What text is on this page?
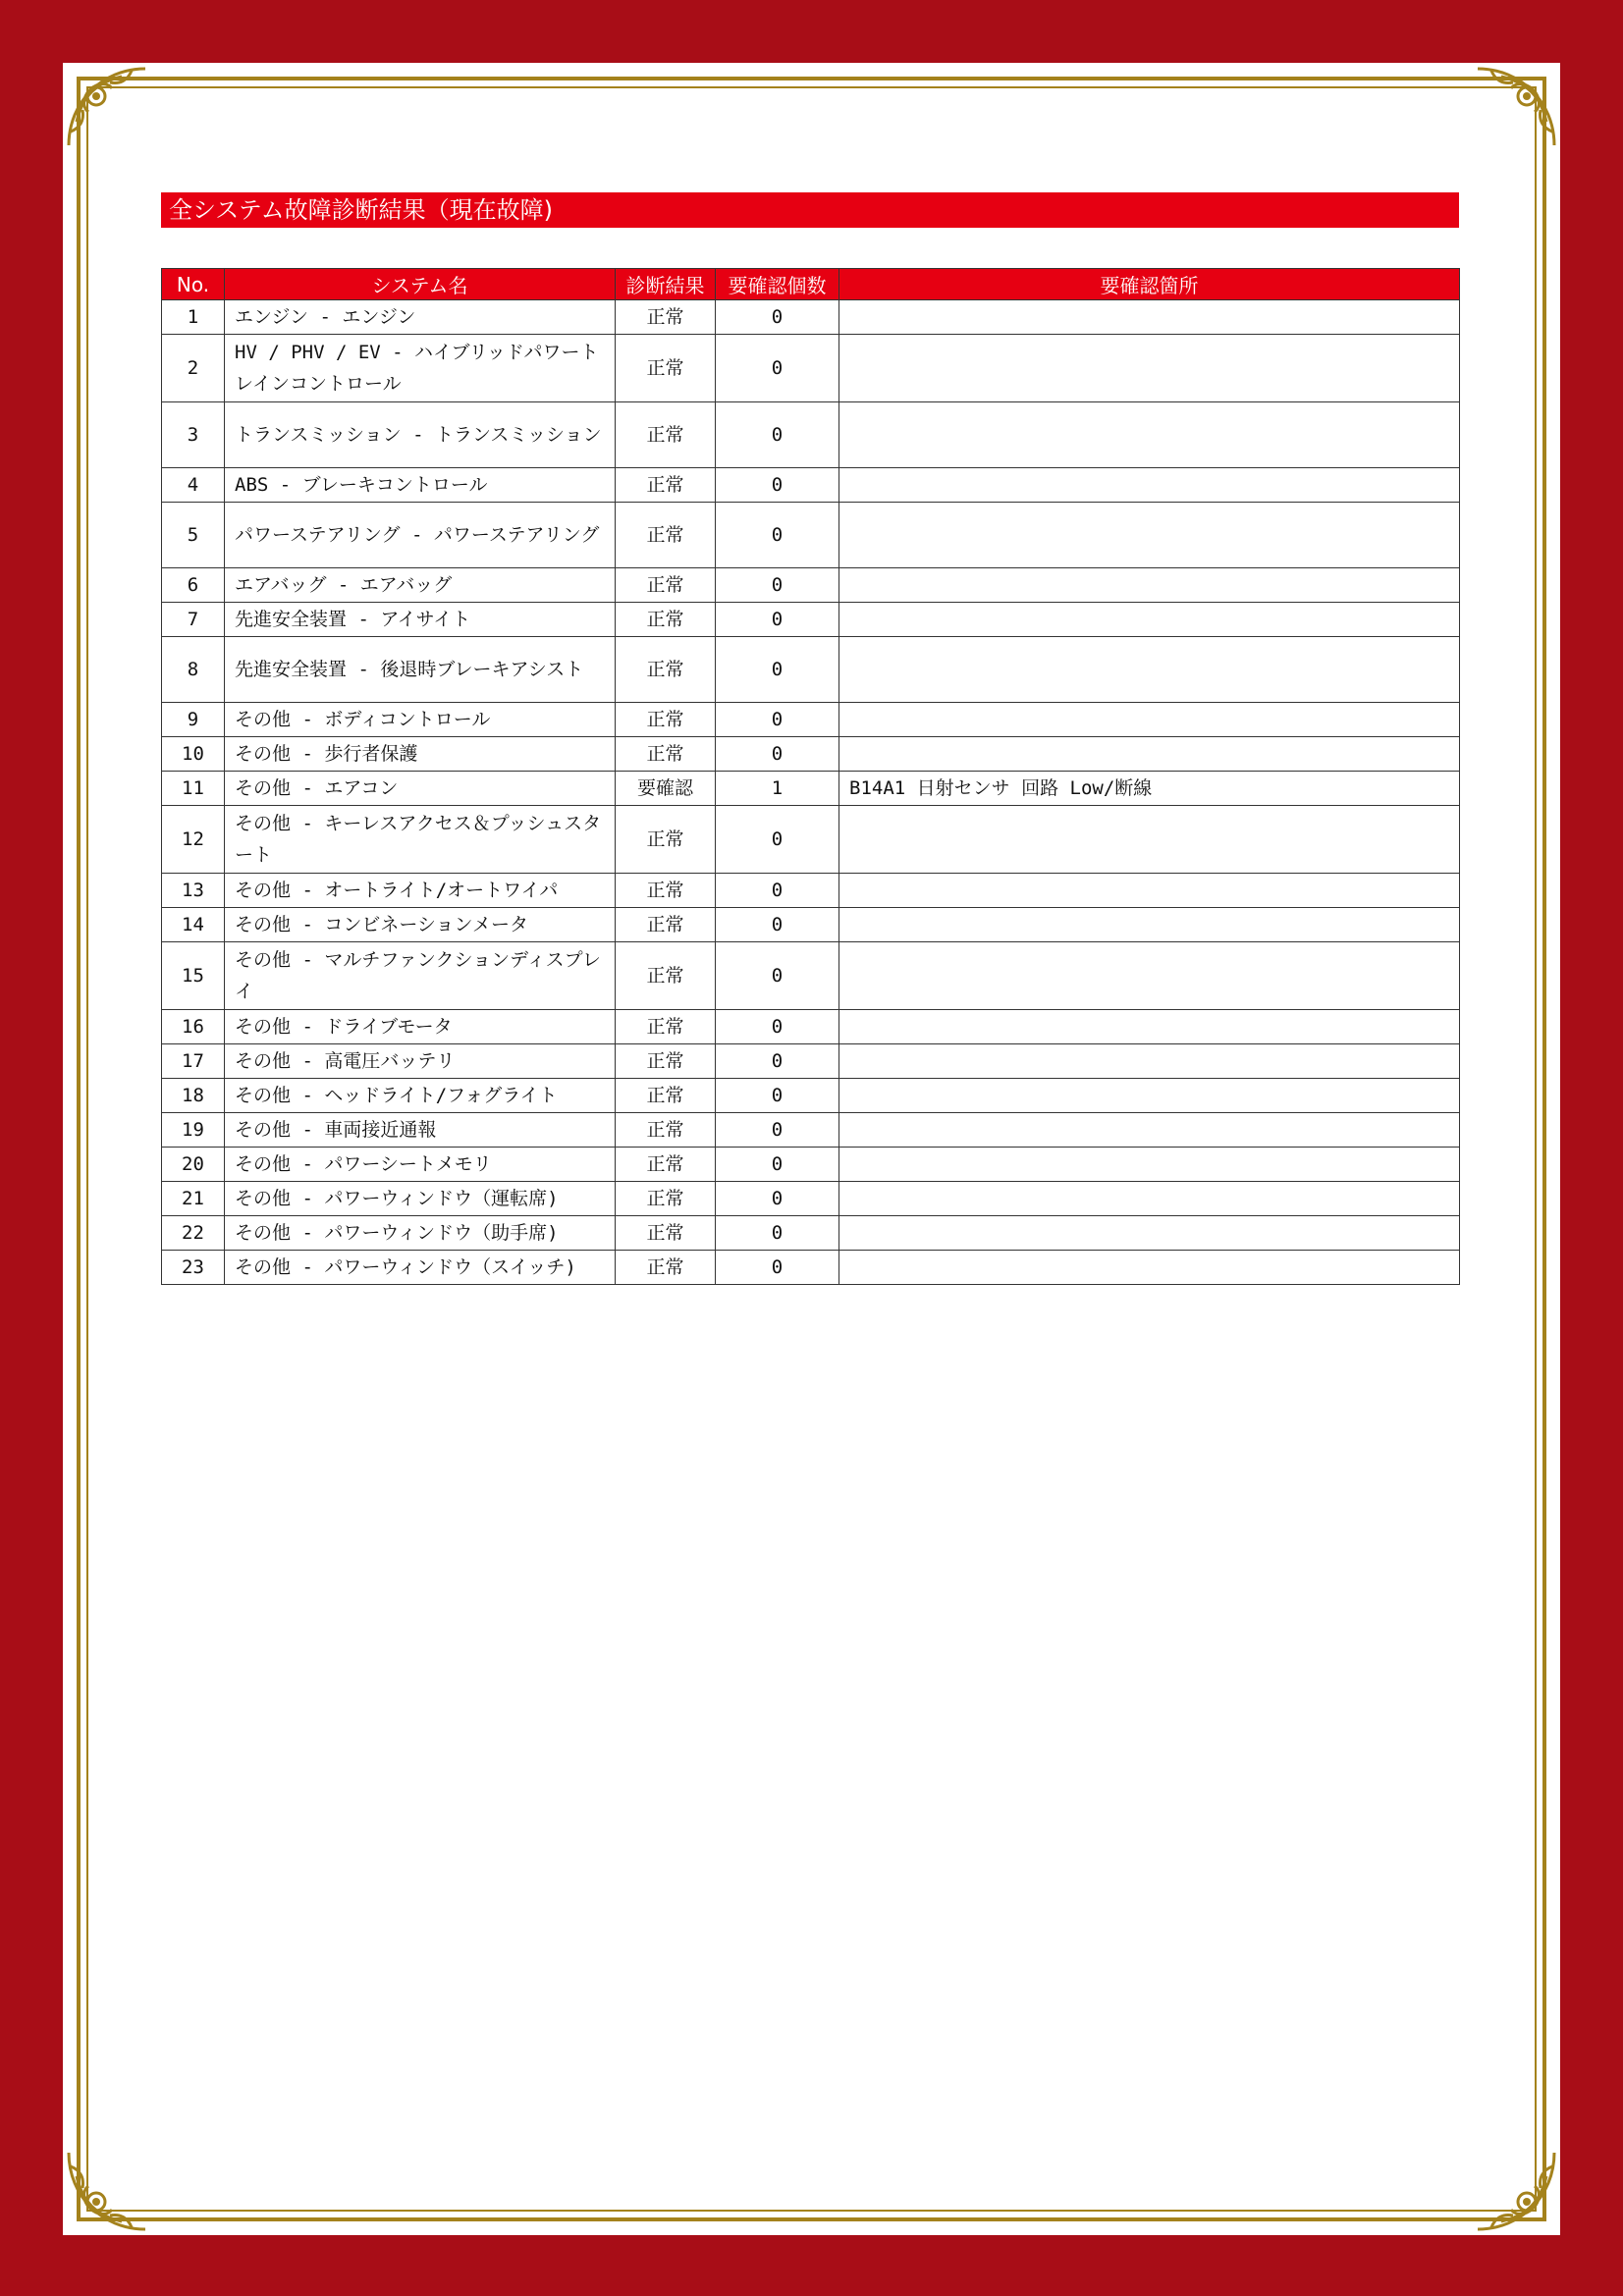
全システム故障診断結果（現在故障)
No.	システム名	診断結果	要確認個数	要確認箇所
1	エンジン - エンジン	正常	0	
2	HV / PHV / EV - ハイブリッドパワートレインコントロール	正常	0	
3	トランスミッション - トランスミッション	正常	0	
4	ABS - ブレーキコントロール	正常	0	
5	パワーステアリング - パワーステアリング	正常	0	
6	エアバッグ - エアバッグ	正常	0	
7	先進安全装置 - アイサイト	正常	0	
8	先進安全装置 - 後退時ブレーキアシスト	正常	0	
9	その他 - ボディコントロール	正常	0	
10	その他 - 歩行者保護	正常	0	
11	その他 - エアコン	要確認	1	B14A1 日射センサ 回路 Low/断線
12	その他 - キーレスアクセス＆プッシュスタート	正常	0	
13	その他 - オートライト/オートワイパ	正常	0	
14	その他 - コンビネーションメータ	正常	0	
15	その他 - マルチファンクションディスプレイ	正常	0	
16	その他 - ドライブモータ	正常	0	
17	その他 - 高電圧バッテリ	正常	0	
18	その他 - ヘッドライト/フォグライト	正常	0	
19	その他 - 車両接近通報	正常	0	
20	その他 - パワーシートメモリ	正常	0	
21	その他 - パワーウィンドウ（運転席)	正常	0	
22	その他 - パワーウィンドウ（助手席)	正常	0	
23	その他 - パワーウィンドウ（スイッチ)	正常	0	
